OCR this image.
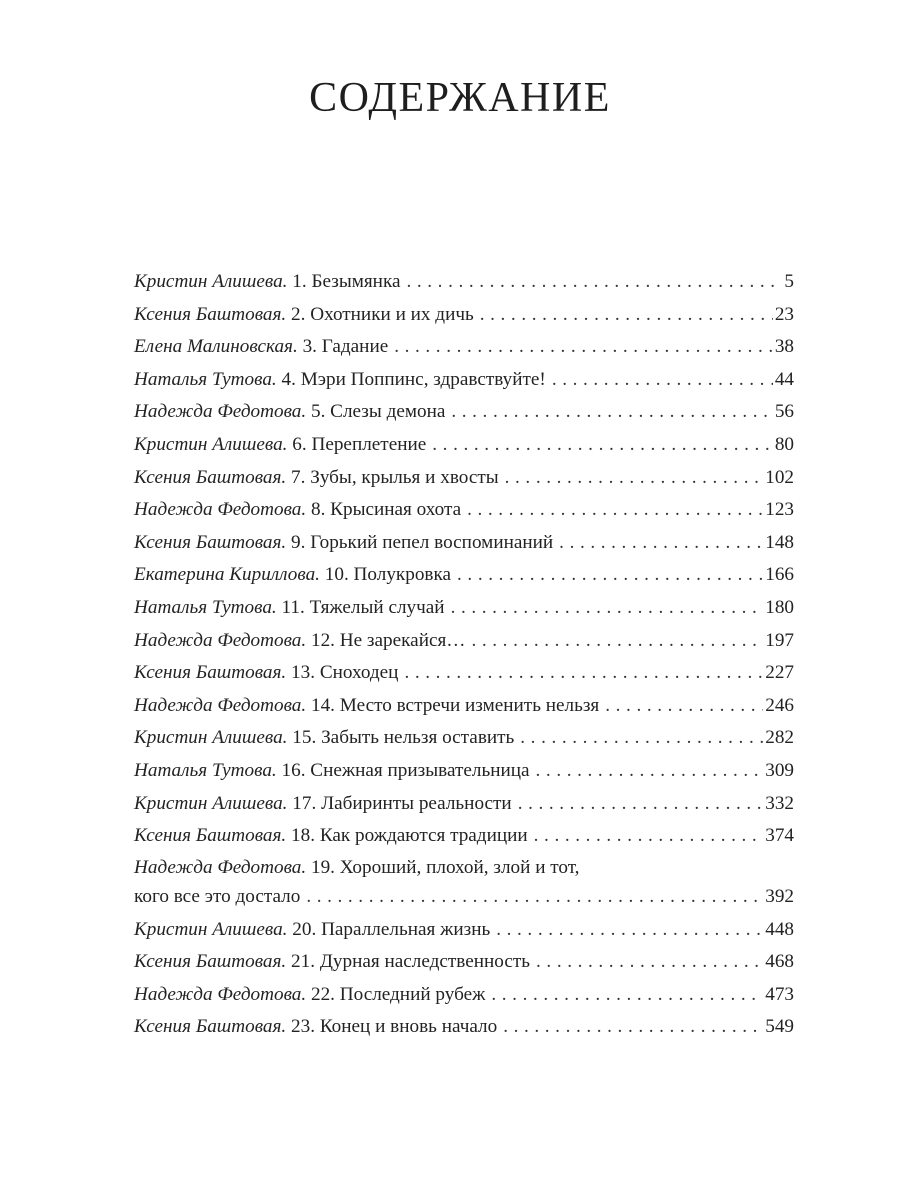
СОДЕРЖАНИЕ
Кристин Алишева. 1. Безымянка . . .	5
Ксения Баштовая. 2. Охотники и их дичь . . .	23
Елена Малиновская. 3. Гадание . . .	38
Наталья Тутова. 4. Мэри Поппинс, здравствуйте! . . .	44
Надежда Федотова. 5. Слезы демона . . .	56
Кристин Алишева. 6. Переплетение . . .	80
Ксения Баштовая. 7. Зубы, крылья и хвосты . . .	102
Надежда Федотова. 8. Крысиная охота . . .	123
Ксения Баштовая. 9. Горький пепел воспоминаний . . .	148
Екатерина Кириллова. 10. Полукровка . . .	166
Наталья Тутова. 11. Тяжелый случай . . .	180
Надежда Федотова. 12. Не зарекайся… . . .	197
Ксения Баштовая. 13. Сноходец . . .	227
Надежда Федотова. 14. Место встречи изменить нельзя . . .	246
Кристин Алишева. 15. Забыть нельзя оставить . . .	282
Наталья Тутова. 16. Снежная призывательница . . .	309
Кристин Алишева. 17. Лабиринты реальности . . .	332
Ксения Баштовая. 18. Как рождаются традиции . . .	374
Надежда Федотова. 19. Хороший, плохой, злой и тот,
кого все это достало . . .	392
Кристин Алишева. 20. Параллельная жизнь . . .	448
Ксения Баштовая. 21. Дурная наследственность . . .	468
Надежда Федотова. 22. Последний рубеж . . .	473
Ксения Баштовая. 23. Конец и вновь начало . . .	549
